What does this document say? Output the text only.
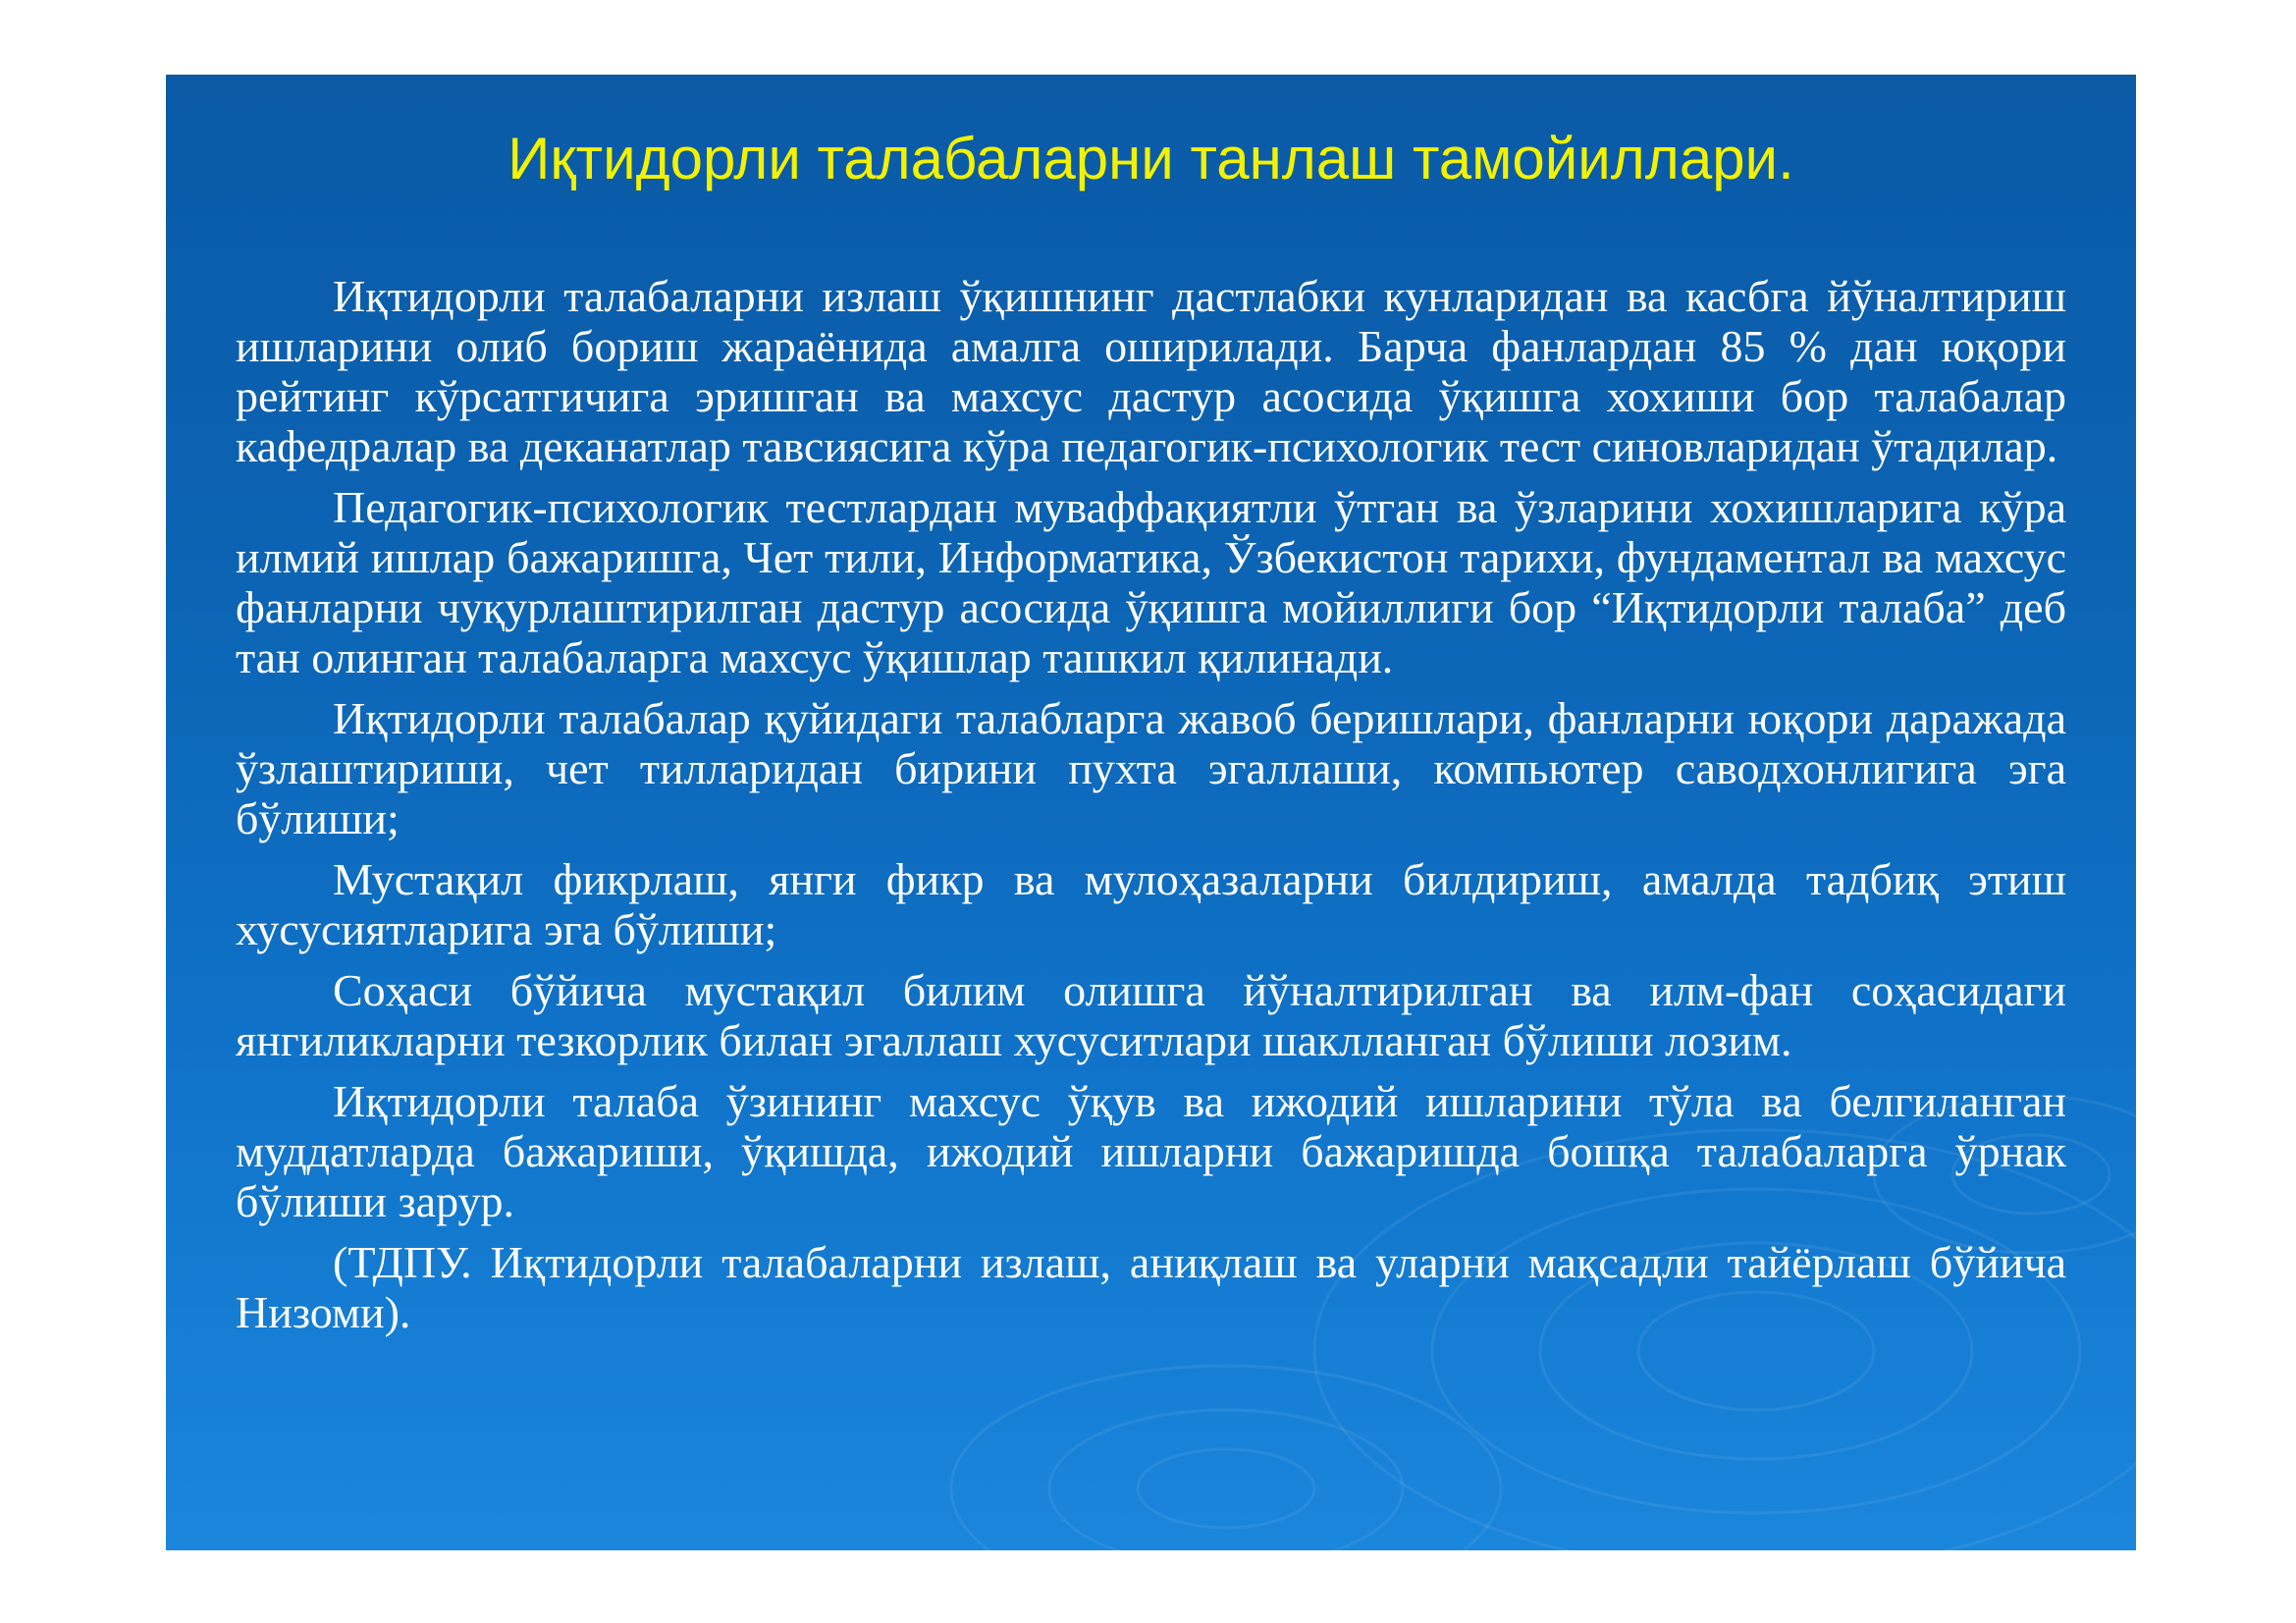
Иқтидорли талабаларни танлаш тамойиллари.

Иқтидорли талабаларни излаш ўқишнинг дастлабки кунларидан ва касбга йўналтириш ишларини олиб бориш жараёнида амалга оширилади. Барча фанлардан 85 % дан юқори рейтинг кўрсатгичига эришган ва махсус дастур асосида ўқишга хохиши бор талабалар кафедралар ва деканатлар тавсиясига кўра педагогик-психологик тест синовларидан ўтадилар.

Педагогик-психологик тестлардан муваффақиятли ўтган ва ўзларини хохишларига кўра илмий ишлар бажаришга, Чет тили, Информатика, Ўзбекистон тарихи, фундаментал ва махсус фанларни чуқурлаштирилган дастур асосида ўқишга мойиллиги бор “Иқтидорли талаба” деб тан олинган талабаларга махсус ўқишлар ташкил қилинади.

Иқтидорли талабалар қуйидаги талабларга жавоб беришлари, фанларни юқори даражада ўзлаштириши, чет тилларидан бирини пухта эгаллаши, компьютер саводхонлигига эга бўлиши;

Мустақил фикрлаш, янги фикр ва мулоҳазаларни билдириш, амалда тадбиқ этиш хусусиятларига эга бўлиши;

Соҳаси бўйича мустақил билим олишга йўналтирилган ва илм-фан соҳасидаги янгиликларни тезкорлик билан эгаллаш хусуситлари шаклланган бўлиши лозим.

Иқтидорли талаба ўзининг махсус ўқув ва ижодий ишларини тўла ва белгиланган муддатларда бажариши, ўқишда, ижодий ишларни бажаришда бошқа талабаларга ўрнак бўлиши зарур.

(ТДПУ. Иқтидорли талабаларни излаш, аниқлаш ва уларни мақсадли тайёрлаш бўйича Низоми).
